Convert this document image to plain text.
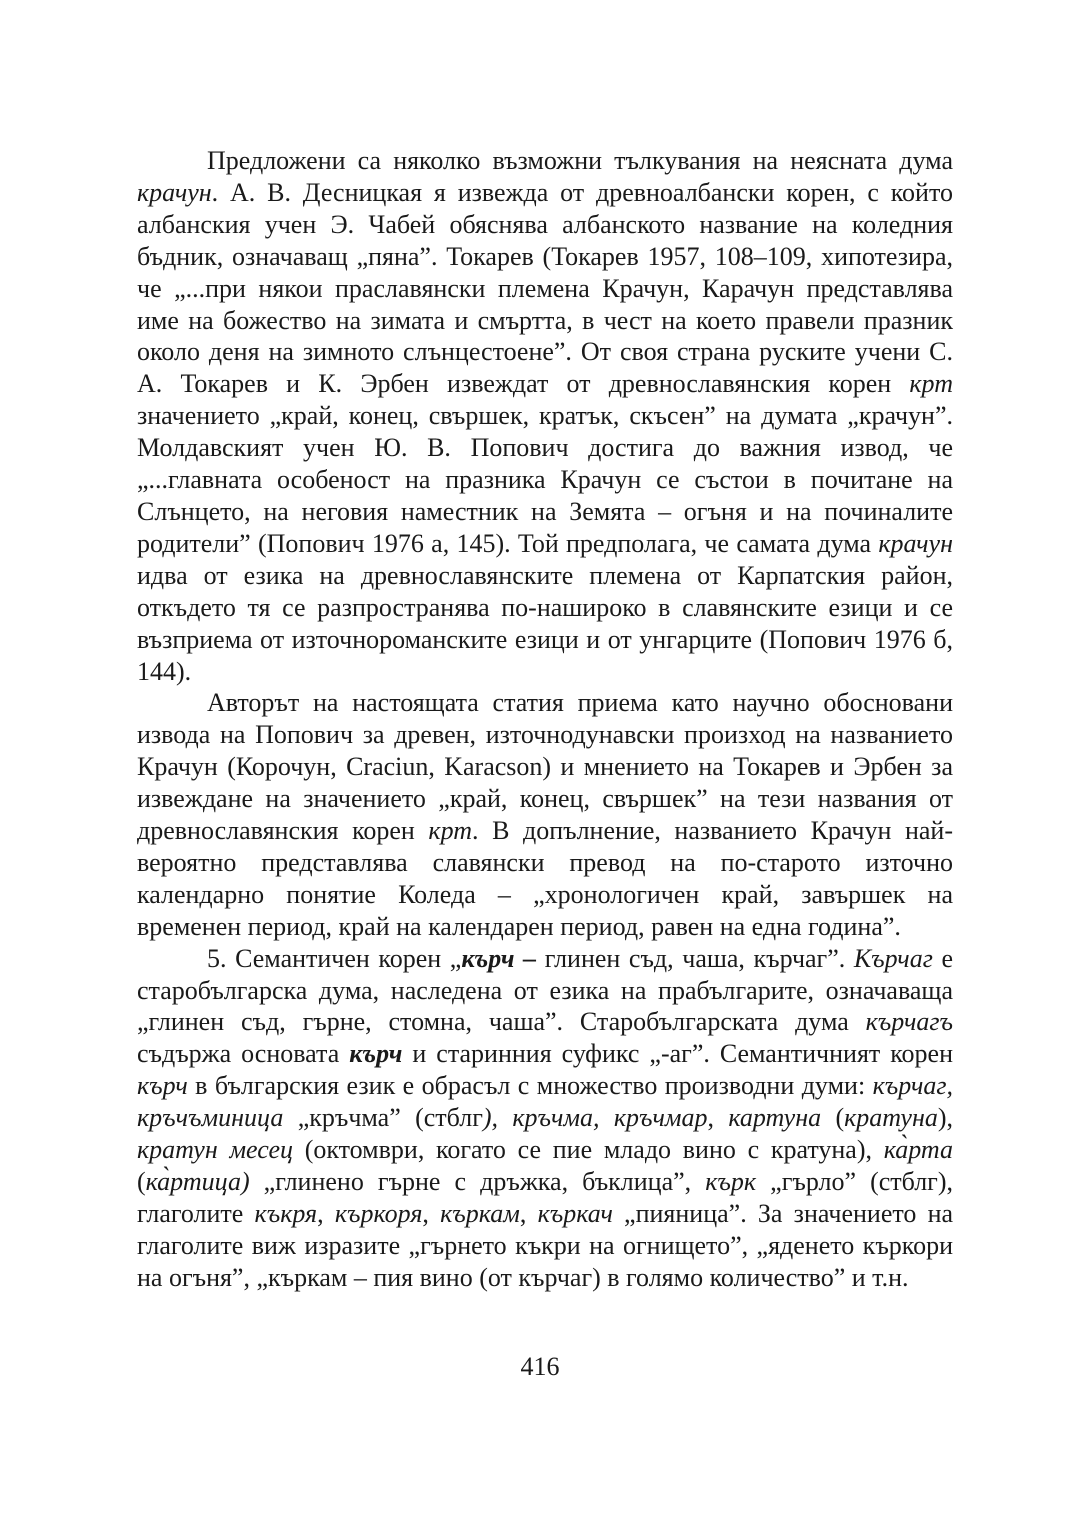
Предложени са няколко възможни тълкувания на неясната дума крачун. А. В. Десницкая я извежда от древноалбански корен, с който албанския учен Э. Чабей обяснява албанското название на коледния бъдник, означаващ „пяна”. Токарев (Токарев 1957, 108–109, хипотезира, че „...при някои праславянски племена Крачун, Карачун представлява име на божество на зимата и смъртта, в чест на което правели празник около деня на зимното слънцестоене”. От своя страна руските учени С. А. Токарев и К. Эрбен извеждат от древнославянския корен крт значението „край, конец, свършек, кратък, скъсен” на думата „крачун”. Молдавският учен Ю. В. Попович достига до важния извод, че „...главната особеност на празника Крачун се състои в почитане на Слънцето, на неговия наместник на Земята – огъня и на починалите родители” (Попович 1976 а, 145). Той предполага, че самата дума крачун идва от езика на древнославянските племена от Карпатския район, откъдето тя се разпространява по-нашироко в славянските езици и се възприема от източнороманските езици и от унгарците (Попович 1976 б, 144).

Авторът на настоящата статия приема като научно обосновани извода на Попович за древен, източнодунавски произход на названието Крачун (Корочун, Craciun, Karacson) и мнението на Токарев и Эрбен за извеждане на значението „край, конец, свършек” на тези названия от древнославянския корен крт. В допълнение, названието Крачун най-вероятно представлява славянски превод на по-старото източно календарно понятие Коледа – „хронологичен край, завършек на временен период, край на календарен период, равен на една година”.

5. Семантичен корен „кърч – глинен съд, чаша, кърчаг”. Кърчаг е старобългарска дума, наследена от езика на прабългарите, означаваща „глинен съд, гърне, стомна, чаша”. Старобългарската дума кърчагъ съдържа основата кърч и старинния суфикс „-аг”. Семантичният корен кърч в българския език е обрасъл с множество производни думи: кърчаг, кръчъминица „кръчма” (стблг), кръчма, кръчмар, картуна (кратуна), кратун месец (октомври, когато се пие младо вино с кратуна), ка̀рта (ка̀ртица) „глинено гърне с дръжка, бъклица”, кърк „гърло” (стблг), глаголите къкря, къркоря, къркам, къркач „пияница”. За значението на глаголите виж изразите „гърнето къкри на огнището”, „яденето къркори на огъня”, „къркам – пия вино (от кърчаг) в голямо количество” и т.н.

416
